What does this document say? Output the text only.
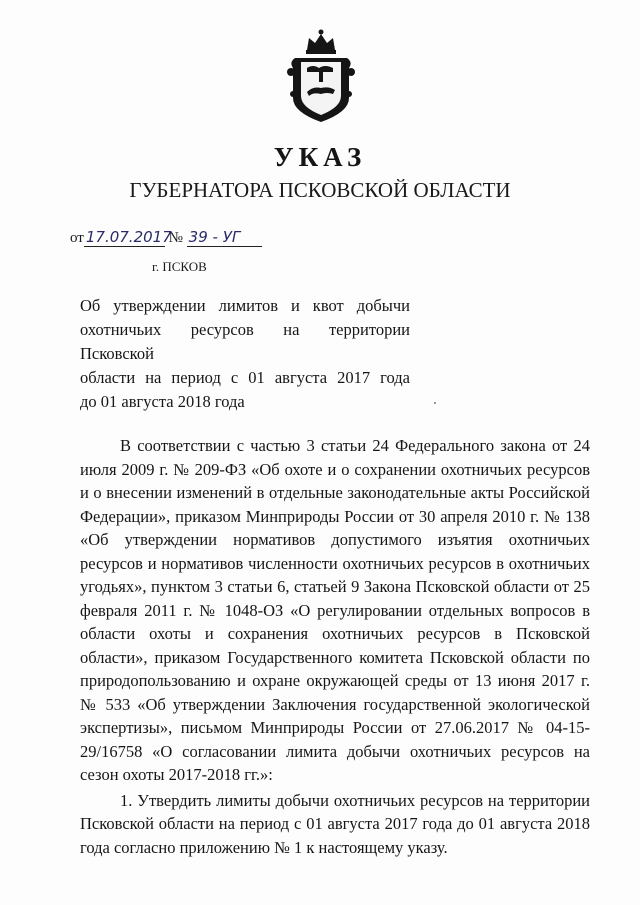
УКАЗ
ГУБЕРНАТОРА ПСКОВСКОЙ ОБЛАСТИ
от 17.07.2017 № 39 - УГ
г. ПСКОВ
Об утверждении лимитов и квот добычи
охотничьих ресурсов на территории Псковской
области на период с 01 августа 2017 года
до 01 августа 2018 года

В соответствии с частью 3 статьи 24 Федерального закона от 24 июля 2009 г. № 209-ФЗ «Об охоте и о сохранении охотничьих ресурсов и о внесении изменений в отдельные законодательные акты Российской Федерации», приказом Минприроды России от 30 апреля 2010 г. № 138 «Об утверждении нормативов допустимого изъятия охотничьих ресурсов и нормативов численности охотничьих ресурсов в охотничьих угодьях», пунктом 3 статьи 6, статьей 9 Закона Псковской области от 25 февраля 2011 г. № 1048-ОЗ «О регулировании отдельных вопросов в области охоты и сохранения охотничьих ресурсов в Псковской области», приказом Государственного комитета Псковской области по природопользованию и охране окружающей среды от 13 июня 2017 г. № 533 «Об утверждении Заключения государственной экологической экспертизы», письмом Минприроды России от 27.06.2017 № 04-15-29/16758 «О согласовании лимита добычи охотничьих ресурсов на сезон охоты 2017-2018 гг.»:

1. Утвердить лимиты добычи охотничьих ресурсов на территории Псковской области на период с 01 августа 2017 года до 01 августа 2018 года согласно приложению № 1 к настоящему указу.
